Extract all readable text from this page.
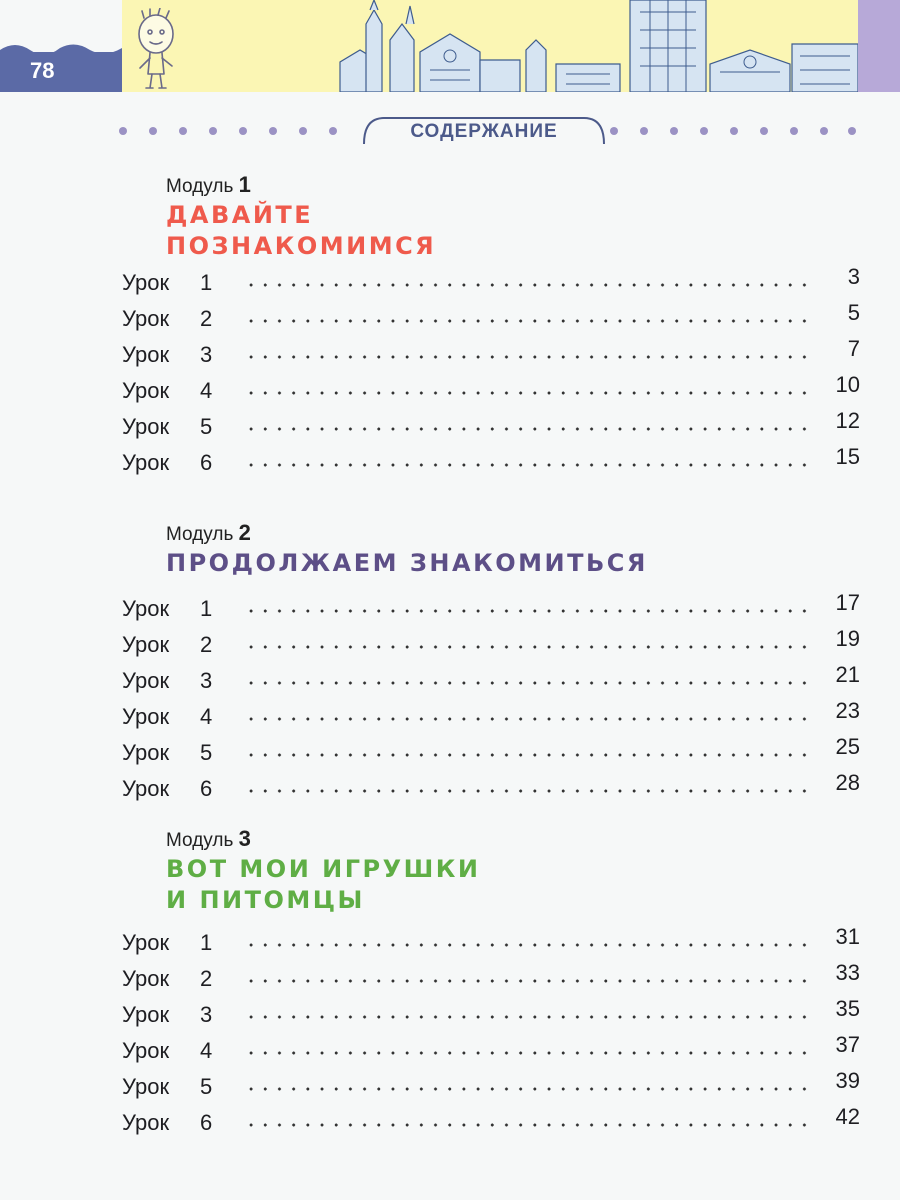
78
СОДЕРЖАНИЕ
Модуль 1
ДАВАЙТЕ
ПОЗНАКОМИМСЯ
Урок 1	3
Урок 2	5
Урок 3	7
Урок 4	10
Урок 5	12
Урок 6	15
Модуль 2
ПРОДОЛЖАЕМ ЗНАКОМИТЬСЯ
Урок 1	17
Урок 2	19
Урок 3	21
Урок 4	23
Урок 5	25
Урок 6	28
Модуль 3
ВОТ МОИ ИГРУШКИ
И ПИТОМЦЫ
Урок 1	31
Урок 2	33
Урок 3	35
Урок 4	37
Урок 5	39
Урок 6	42
